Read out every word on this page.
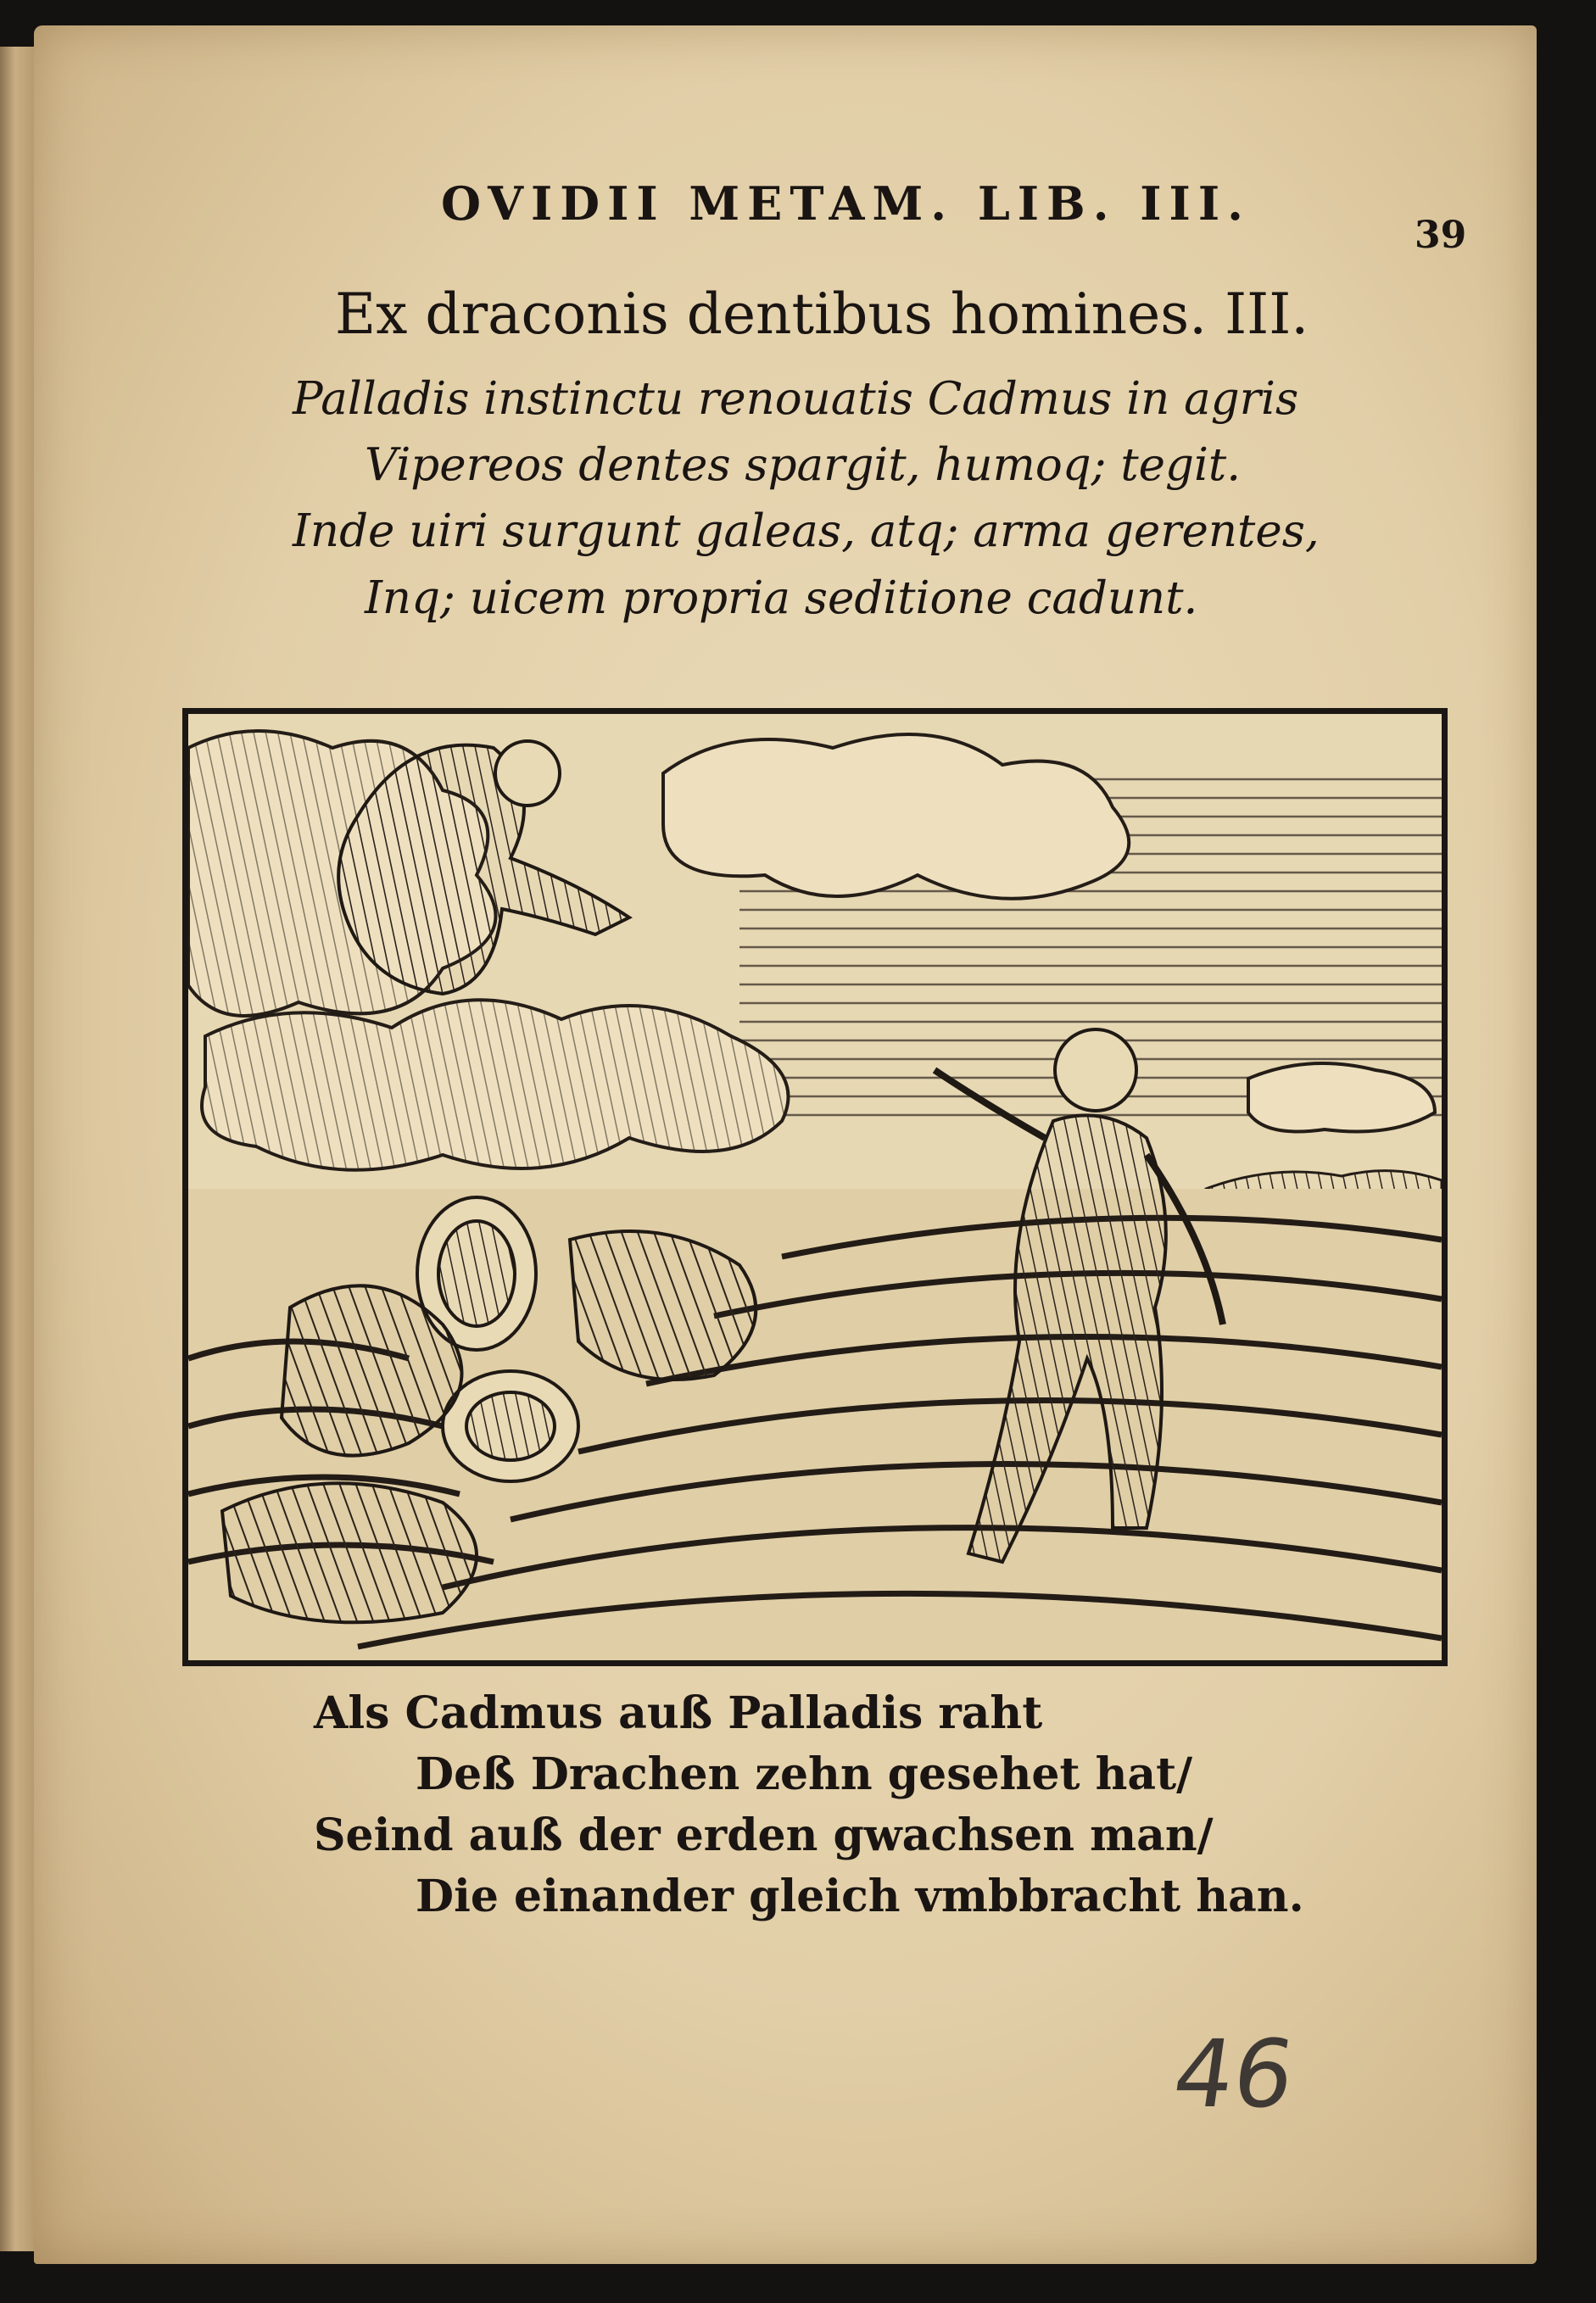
OVIDII METAM. LIB. III.
39
Ex draconis dentibus homines. III.
Palladis instinctu renouatis Cadmus in agris
Vipereos dentes spargit, humoq; tegit.
Inde uiri surgunt galeas, atq; arma gerentes,
Inq; uicem propria seditione cadunt.
Als Cadmus auß Palladis raht
Deß Drachen zehn gesehet hat/
Seind auß der erden gwachsen man/
Die einander gleich vmbbracht han.
46
